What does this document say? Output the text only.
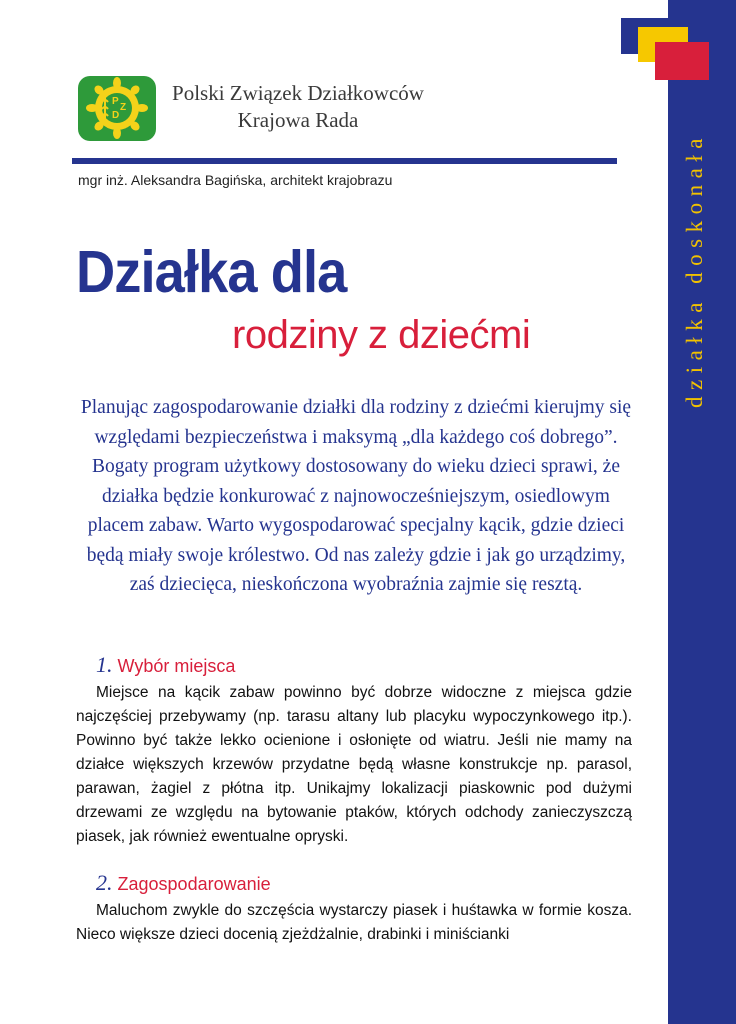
działka doskonała
P
Z
D
Polski Związek Działkowców
Krajowa Rada
mgr inż. Aleksandra Bagińska, architekt krajobrazu
Działka dla
rodziny z dziećmi
Planując zagospodarowanie działki dla rodziny z dziećmi kierujmy się względami bezpieczeństwa i maksymą „dla każdego coś dobrego”. Bogaty program użytkowy dostosowany do wieku dzieci sprawi, że działka będzie konkurować z najnowocześniejszym, osiedlowym placem zabaw. Warto wygospodarować specjalny kącik, gdzie dzieci będą miały swoje królestwo. Od nas zależy gdzie i jak go urządzimy, zaś dziecięca, nieskończona wyobraźnia zajmie się resztą.
1. Wybór miejsca
Miejsce na kącik zabaw powinno być dobrze widoczne z miejsca gdzie najczęściej przebywamy (np. tarasu altany lub placyku wypoczynkowego itp.). Powinno być także lekko ocienione i osłonięte od wiatru. Jeśli nie mamy na działce większych krzewów przydatne będą własne konstrukcje np. parasol, parawan, żagiel z płótna itp. Unikajmy lokalizacji piaskownic pod dużymi drzewami ze względu na bytowanie ptaków, których odchody zanieczyszczą piasek, jak również ewentualne opryski.
2. Zagospodarowanie
Maluchom zwykle do szczęścia wystarczy piasek i huśtawka w formie kosza. Nieco większe dzieci docenią zjeżdżalnie, drabinki i miniścianki
